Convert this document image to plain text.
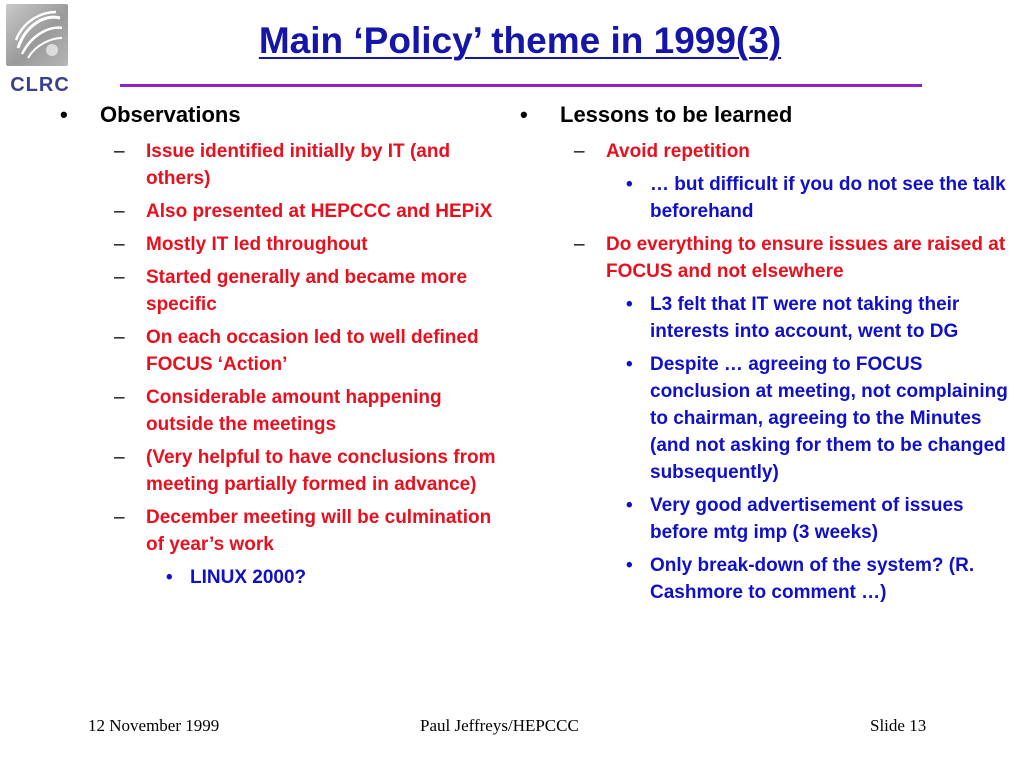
CLRC
Main ‘Policy’ theme in 1999(3)
• Observations
– Issue identified initially by IT (and others)
– Also presented at HEPCCC and HEPiX
– Mostly IT led throughout
– Started generally and became more specific
– On each occasion led to well defined FOCUS ‘Action’
– Considerable amount happening outside the meetings
– (Very helpful to have conclusions from meeting partially formed in advance)
– December meeting will be culmination of year’s work
• LINUX 2000?
• Lessons to be learned
– Avoid repetition
• … but difficult if you do not see the talk beforehand
– Do everything to ensure issues are raised at FOCUS and not elsewhere
• L3 felt that IT were not taking their interests into account, went to DG
• Despite … agreeing to FOCUS conclusion at meeting, not complaining to chairman, agreeing to the Minutes (and not asking for them to be changed subsequently)
• Very good advertisement of issues before mtg imp (3 weeks)
• Only break-down of the system? (R. Cashmore to comment …)
12 November 1999	Paul Jeffreys/HEPCCC	Slide 13
